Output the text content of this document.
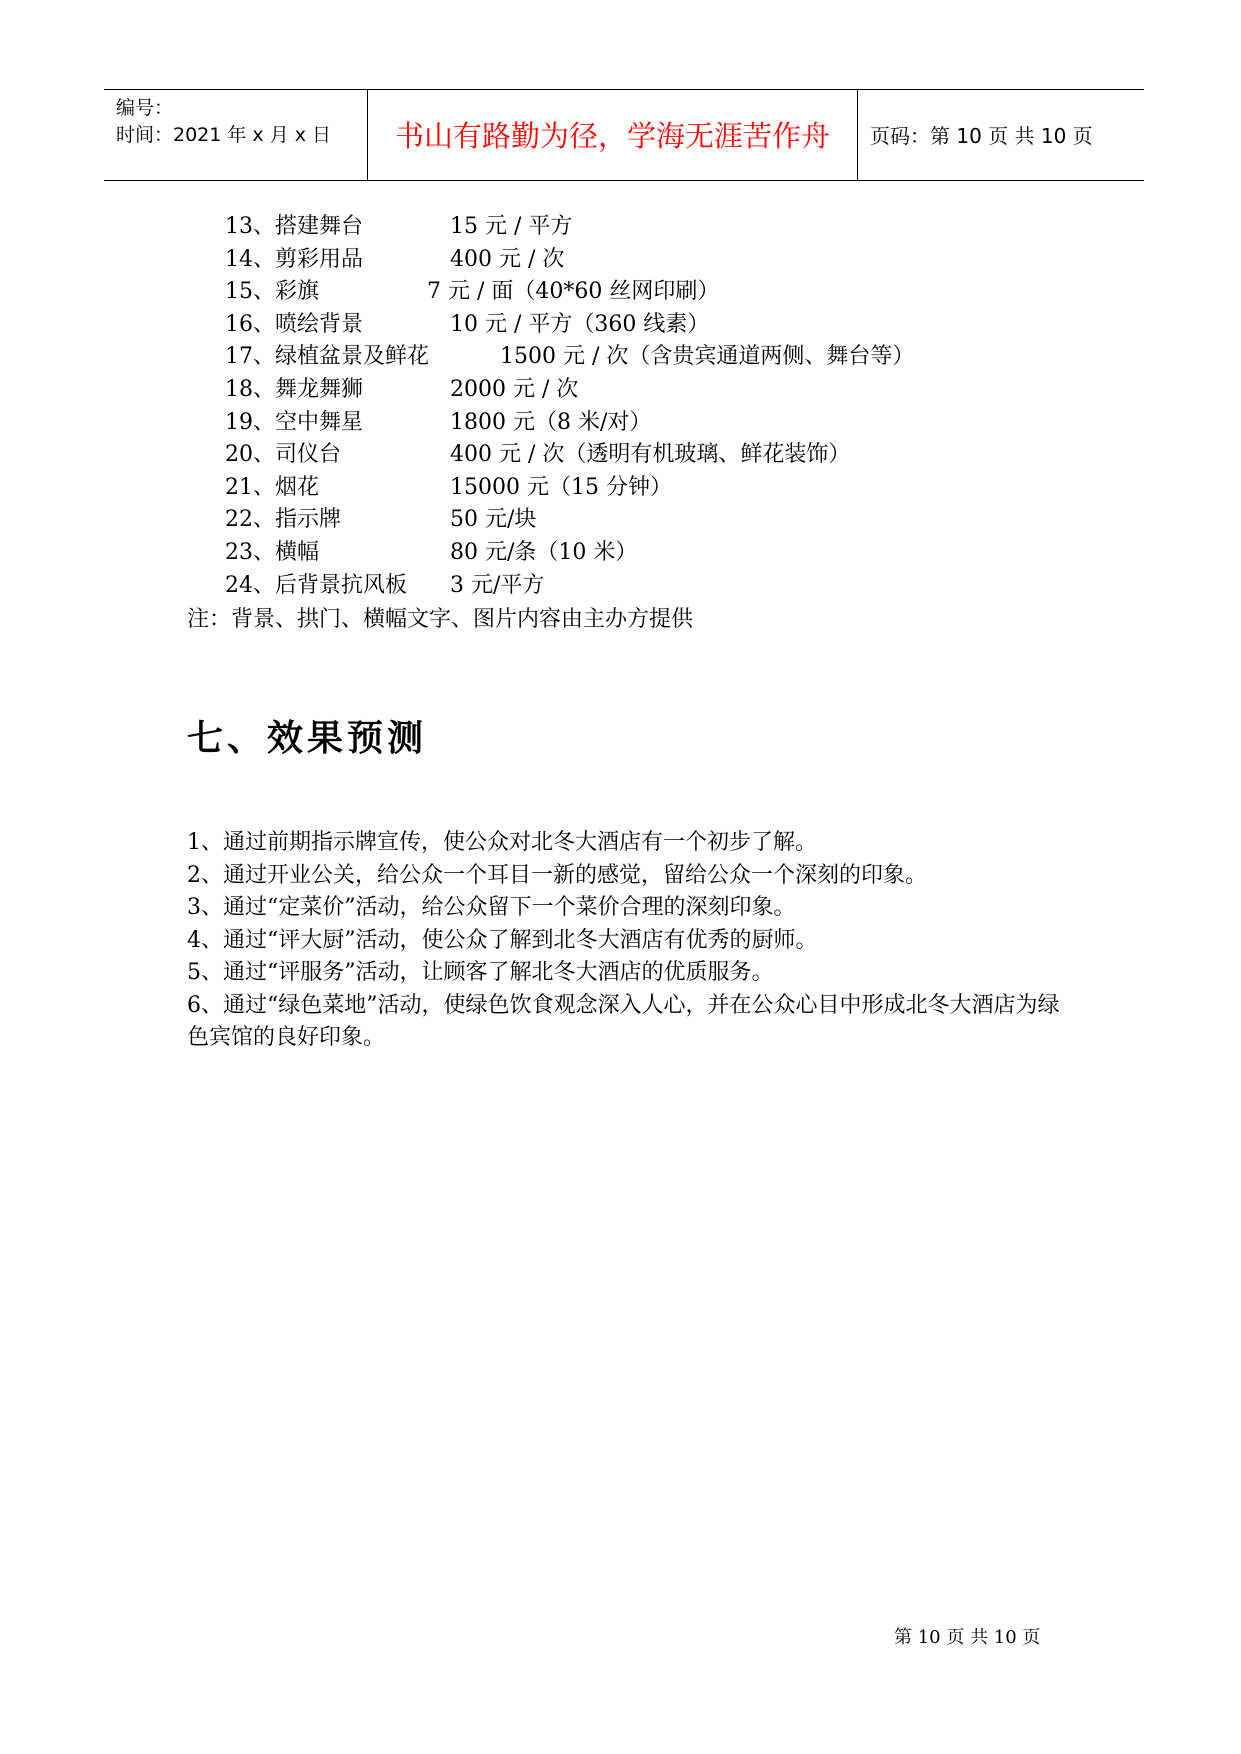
编号：
时间：2021 年 x 月 x 日	书山有路勤为径，学海无涯苦作舟	页码：第 10 页 共 10 页
13、搭建舞台	15 元 / 平方
14、剪彩用品	400 元 / 次
15、彩旗	7 元 / 面（40*60 丝网印刷）
16、喷绘背景	10 元 / 平方（360 线素）
17、绿植盆景及鲜花	1500 元 / 次（含贵宾通道两侧、舞台等）
18、舞龙舞狮	2000 元 / 次
19、空中舞星	1800 元（8 米/对）
20、司仪台	400 元 / 次（透明有机玻璃、鲜花装饰）
21、烟花	15000 元（15 分钟）
22、指示牌	50 元/块
23、横幅	80 元/条（10 米）
24、后背景抗风板 3 元/平方
注：背景、拱门、横幅文字、图片内容由主办方提供
七、效果预测

1、通过前期指示牌宣传，使公众对北冬大酒店有一个初步了解。

2、通过开业公关，给公众一个耳目一新的感觉，留给公众一个深刻的印象。

3、通过“定菜价”活动，给公众留下一个菜价合理的深刻印象。

4、通过“评大厨”活动，使公众了解到北冬大酒店有优秀的厨师。

5、通过“评服务”活动，让顾客了解北冬大酒店的优质服务。

6、通过“绿色菜地”活动，使绿色饮食观念深入人心，并在公众心目中形成北冬大酒店为绿色宾馆的良好印象。

第 10 页 共 10 页
